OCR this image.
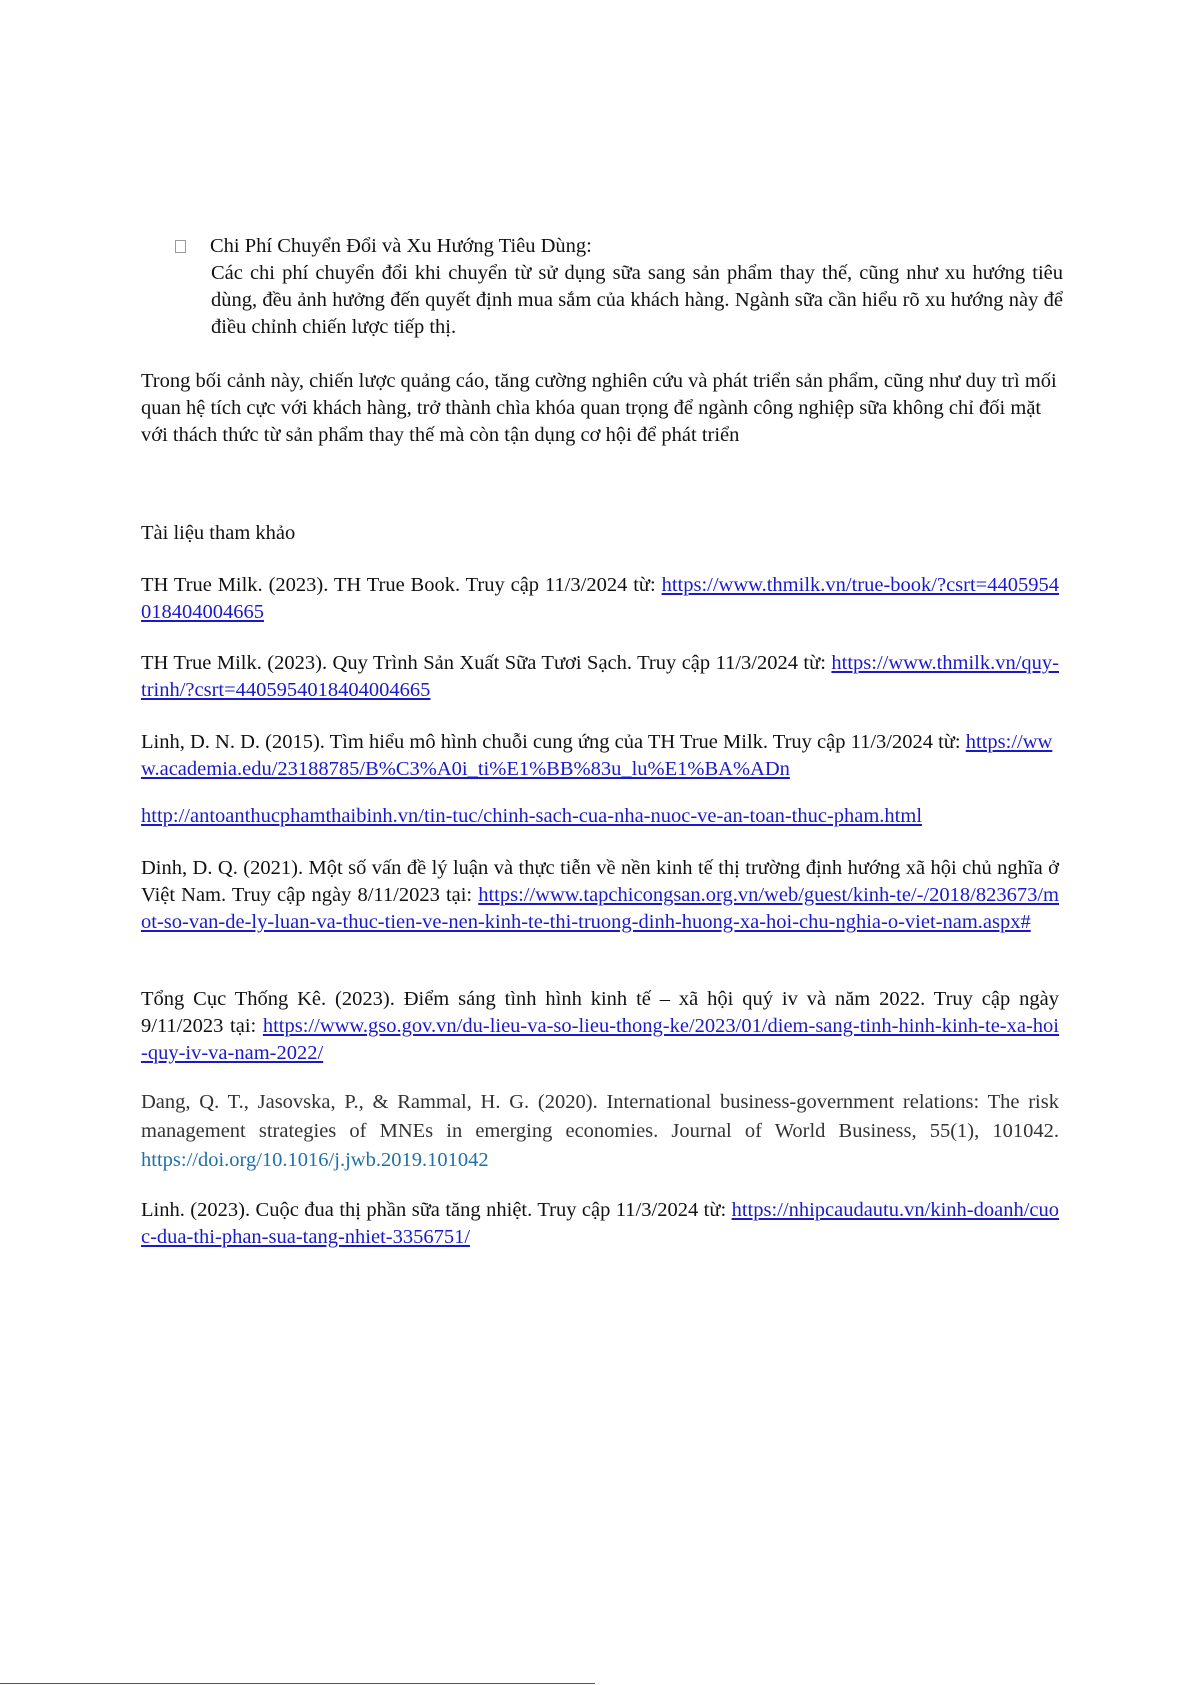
Chi Phí Chuyển Đổi và Xu Hướng Tiêu Dùng:
Các chi phí chuyển đổi khi chuyển từ sử dụng sữa sang sản phẩm thay thế, cũng như xu hướng tiêu dùng, đều ảnh hưởng đến quyết định mua sắm của khách hàng. Ngành sữa cần hiểu rõ xu hướng này để điều chỉnh chiến lược tiếp thị.
Trong bối cảnh này, chiến lược quảng cáo, tăng cường nghiên cứu và phát triển sản phẩm, cũng như duy trì mối quan hệ tích cực với khách hàng, trở thành chìa khóa quan trọng để ngành công nghiệp sữa không chỉ đối mặt với thách thức từ sản phẩm thay thế mà còn tận dụng cơ hội để phát triển
Tài liệu tham khảo
TH True Milk. (2023). TH True Book. Truy cập 11/3/2024 từ: https://www.thmilk.vn/true-book/?csrt=4405954018404004665
TH True Milk. (2023). Quy Trình Sản Xuất Sữa Tươi Sạch. Truy cập 11/3/2024 từ: https://www.thmilk.vn/quy-trinh/?csrt=4405954018404004665
Linh, D. N. D. (2015). Tìm hiểu mô hình chuỗi cung ứng của TH True Milk. Truy cập 11/3/2024 từ: https://www.academia.edu/23188785/B%C3%A0i_ti%E1%BB%83u_lu%E1%BA%ADn
http://antoanthucphamthaibinh.vn/tin-tuc/chinh-sach-cua-nha-nuoc-ve-an-toan-thuc-pham.html
Dinh, D. Q. (2021). Một số vấn đề lý luận và thực tiễn về nền kinh tế thị trường định hướng xã hội chủ nghĩa ở Việt Nam. Truy cập ngày 8/11/2023 tại: https://www.tapchicongsan.org.vn/web/guest/kinh-te/-/2018/823673/mot-so-van-de-ly-luan-va-thuc-tien-ve-nen-kinh-te-thi-truong-dinh-huong-xa-hoi-chu-nghia-o-viet-nam.aspx#
Tổng Cục Thống Kê. (2023). Điểm sáng tình hình kinh tế – xã hội quý iv và năm 2022. Truy cập ngày 9/11/2023 tại: https://www.gso.gov.vn/du-lieu-va-so-lieu-thong-ke/2023/01/diem-sang-tinh-hinh-kinh-te-xa-hoi-quy-iv-va-nam-2022/
Dang, Q. T., Jasovska, P., & Rammal, H. G. (2020). International business-government relations: The risk management strategies of MNEs in emerging economies. Journal of World Business, 55(1), 101042. https://doi.org/10.1016/j.jwb.2019.101042
Linh. (2023). Cuộc đua thị phần sữa tăng nhiệt. Truy cập 11/3/2024 từ: https://nhipcaudautu.vn/kinh-doanh/cuoc-dua-thi-phan-sua-tang-nhiet-3356751/
